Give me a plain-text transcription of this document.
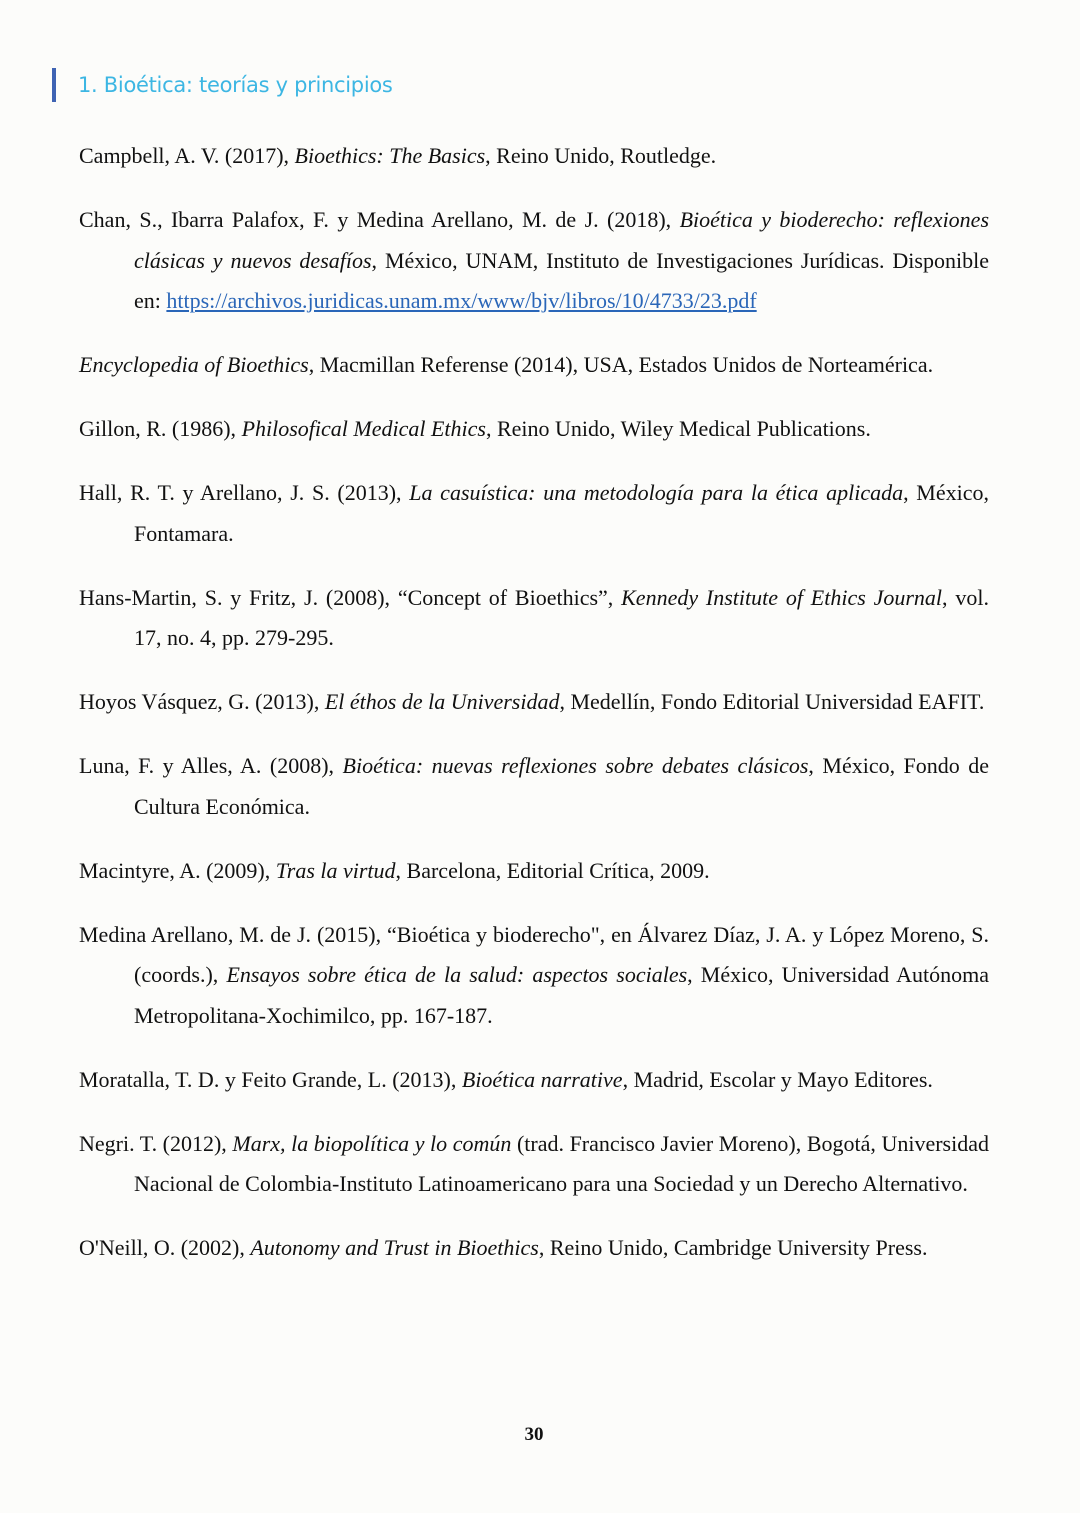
1. Bioética: teorías y principios

Campbell, A. V. (2017), Bioethics: The Basics, Reino Unido, Routledge.

Chan, S., Ibarra Palafox, F. y Medina Arellano, M. de J. (2018), Bioética y bioderecho: reflexiones clásicas y nuevos desafíos, México, UNAM, Instituto de Investigaciones Jurídicas. Disponible en: https://archivos.juridicas.unam.mx/www/bjv/libros/10/4733/23.pdf

Encyclopedia of Bioethics, Macmillan Referense (2014), USA, Estados Unidos de Norteamérica.

Gillon, R. (1986), Philosofical Medical Ethics, Reino Unido, Wiley Medical Publications.

Hall, R. T. y Arellano, J. S. (2013), La casuística: una metodología para la ética aplicada, México, Fontamara.

Hans-Martin, S. y Fritz, J. (2008), “Concept of Bioethics”, Kennedy Institute of Ethics Journal, vol. 17, no. 4, pp. 279-295.

Hoyos Vásquez, G. (2013), El éthos de la Universidad, Medellín, Fondo Editorial Universidad EAFIT.

Luna, F. y Alles, A. (2008), Bioética: nuevas reflexiones sobre debates clásicos, México, Fondo de Cultura Económica.

Macintyre, A. (2009), Tras la virtud, Barcelona, Editorial Crítica, 2009.

Medina Arellano, M. de J. (2015), “Bioética y bioderecho", en Álvarez Díaz, J. A. y López Moreno, S. (coords.), Ensayos sobre ética de la salud: aspectos sociales, México, Universidad Autónoma Metropolitana-Xochimilco, pp. 167-187.

Moratalla, T. D. y Feito Grande, L. (2013), Bioética narrative, Madrid, Escolar y Mayo Editores.

Negri. T. (2012), Marx, la biopolítica y lo común (trad. Francisco Javier Moreno), Bogotá, Universidad Nacional de Colombia-Instituto Latinoamericano para una Sociedad y un Derecho Alternativo.

O'Neill, O. (2002), Autonomy and Trust in Bioethics, Reino Unido, Cambridge University Press.

30
